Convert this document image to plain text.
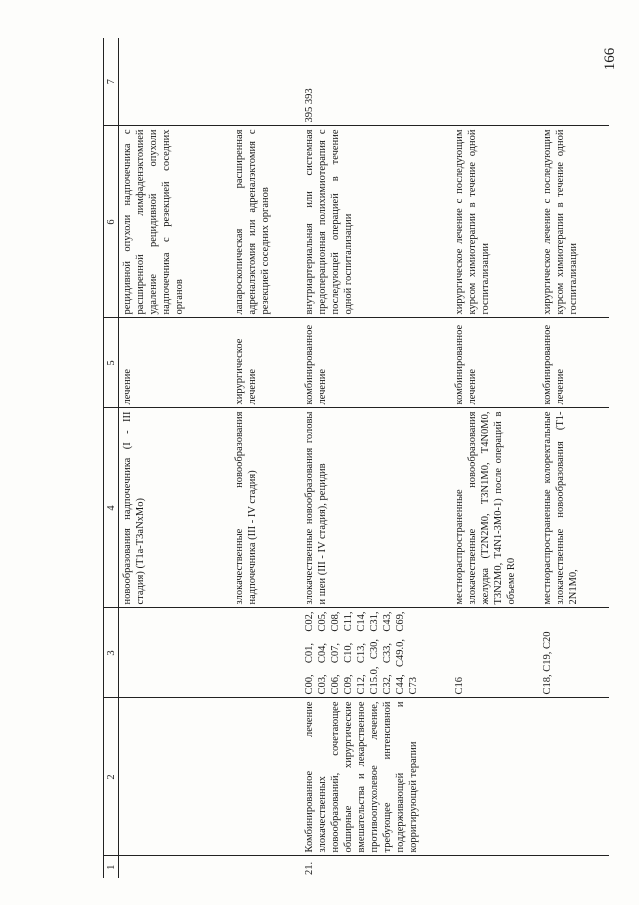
166
1	2	3	4	5	6	7
			новообразования надпочечника (I - III стадия) (T1a-T3aNxMo)	лечение	рецидивной опухоли надпочечника с расширенной лимфаденэктомией удаление рецидивной опухоли надпочечника с резекцией соседних органов	
			злокачественные новообразования надпочечника (III - IV стадия)	хирургическое лечение	лапароскопическая расширенная адреналэктомия или адреналэктомия с резекцией соседних органов	
21.	Комбинированное лечение злокачественных новообразований, сочетающее обширные хирургические вмешательства и лекарственное противоопухолевое лечение, требующее интенсивной поддерживающей и корригирующей терапии	C00, C01, C02, C03, C04, C05, C06, C07, C08, C09, C10, C11, C12, C13, C14, C15.0, C30, C31, C32, C33, C43, C44, C49.0, C69, C73	злокачественные новообразования головы и шеи (III - IV стадия), рецидив	комбинированное лечение	внутриартериальная или системная предоперационная полихимиотерапия с последующей операцией в течение одной госпитализации	395 393
		C16	местнораспространенные злокачественные новообразования желудка (T2N2M0, T3N1M0, T4N0M0, T3N2M0, T4N1-3M0-1) после операций в объеме R0	комбинированное лечение	хирургическое лечение с последующим курсом химиотерапии в течение одной госпитализации	
		C18, C19, C20	местнораспространенные колоректальные злокачественные новообразования (T1-2N1M0,	комбинированное лечение	хирургическое лечение с последующим курсом химиотерапии в течение одной госпитализации	
